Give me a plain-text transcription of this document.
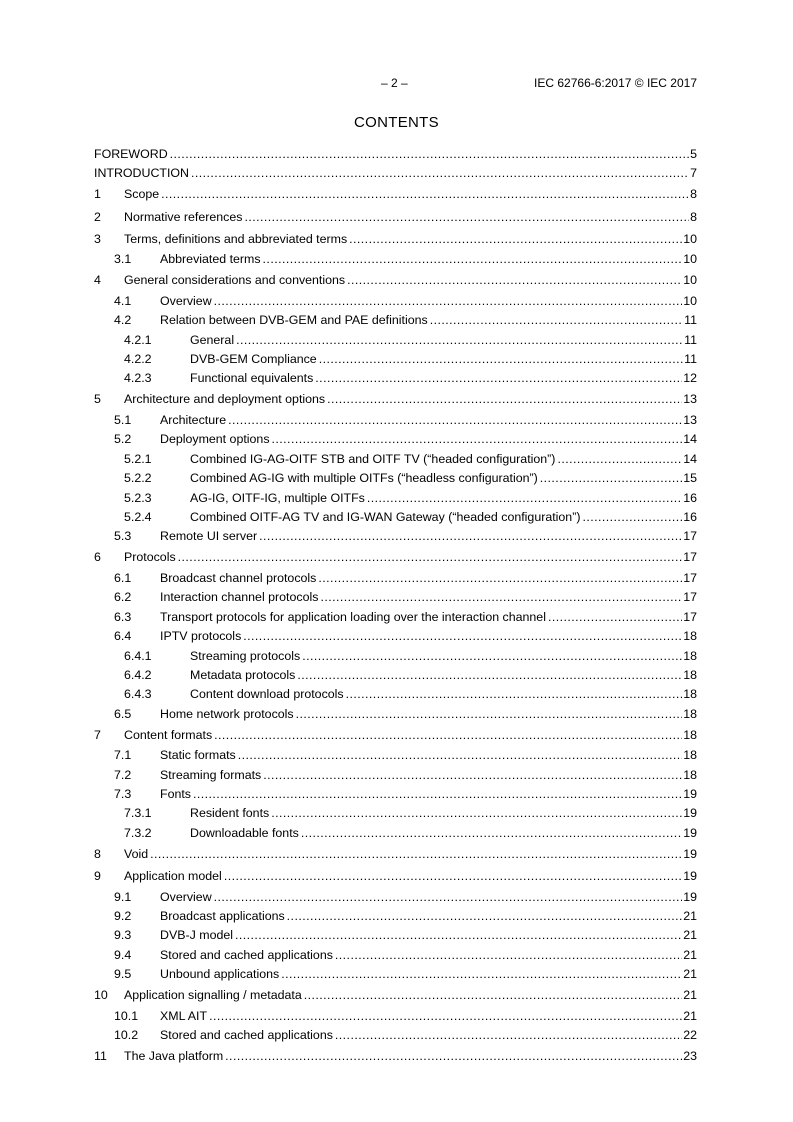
– 2 –	IEC 62766-6:2017 © IEC 2017
CONTENTS
FOREWORD . . .	5
INTRODUCTION . . .	7
1	Scope . . .	8
2	Normative references . . .	8
3	Terms, definitions and abbreviated terms . . .	10
3.1	Abbreviated terms . . .	10
4	General considerations and conventions . . .	10
4.1	Overview . . .	10
4.2	Relation between DVB-GEM and PAE definitions . . .	11
4.2.1	General . . .	11
4.2.2	DVB-GEM Compliance . . .	11
4.2.3	Functional equivalents . . .	12
5	Architecture and deployment options . . .	13
5.1	Architecture . . .	13
5.2	Deployment options . . .	14
5.2.1	Combined IG-AG-OITF STB and OITF TV (“headed configuration”) . . .	14
5.2.2	Combined AG-IG with multiple OITFs (“headless configuration”) . . .	15
5.2.3	AG-IG, OITF-IG, multiple OITFs . . .	16
5.2.4	Combined OITF-AG TV and IG-WAN Gateway (“headed configuration”) . . .	16
5.3	Remote UI server . . .	17
6	Protocols . . .	17
6.1	Broadcast channel protocols . . .	17
6.2	Interaction channel protocols . . .	17
6.3	Transport protocols for application loading over the interaction channel . . .	17
6.4	IPTV protocols . . .	18
6.4.1	Streaming protocols . . .	18
6.4.2	Metadata protocols . . .	18
6.4.3	Content download protocols . . .	18
6.5	Home network protocols . . .	18
7	Content formats . . .	18
7.1	Static formats . . .	18
7.2	Streaming formats . . .	18
7.3	Fonts . . .	19
7.3.1	Resident fonts . . .	19
7.3.2	Downloadable fonts . . .	19
8	Void . . .	19
9	Application model . . .	19
9.1	Overview . . .	19
9.2	Broadcast applications . . .	21
9.3	DVB-J model . . .	21
9.4	Stored and cached applications . . .	21
9.5	Unbound applications . . .	21
10	Application signalling / metadata . . .	21
10.1	XML AIT . . .	21
10.2	Stored and cached applications . . .	22
11	The Java platform . . .	23
